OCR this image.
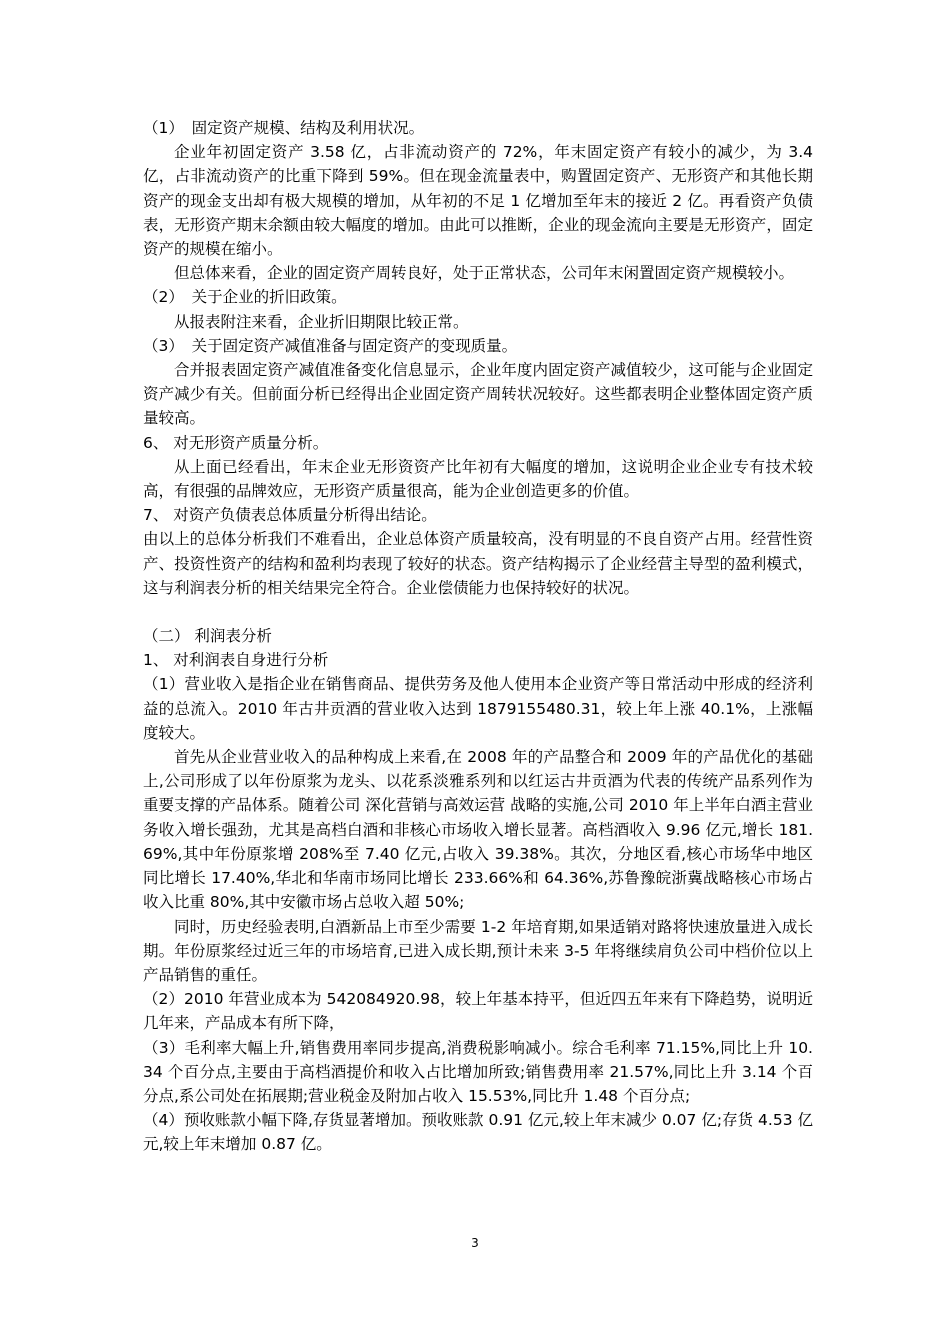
（1）　固定资产规模、结构及利用状况。

企业年初固定资产 3.58 亿，占非流动资产的 72%，年末固定资产有较小的减少，为 3.4 亿，占非流动资产的比重下降到 59%。但在现金流量表中，购置固定资产、无形资产和其他长期资产的现金支出却有极大规模的增加，从年初的不足 1 亿增加至年末的接近 2 亿。再看资产负债表，无形资产期末余额由较大幅度的增加。由此可以推断，企业的现金流向主要是无形资产，固定资产的规模在缩小。

但总体来看，企业的固定资产周转良好，处于正常状态，公司年末闲置固定资产规模较小。

（2）　关于企业的折旧政策。

从报表附注来看，企业折旧期限比较正常。

（3）　关于固定资产减值准备与固定资产的变现质量。

合并报表固定资产减值准备变化信息显示，企业年度内固定资产减值较少，这可能与企业固定资产减少有关。但前面分析已经得出企业固定资产周转状况较好。这些都表明企业整体固定资产质量较高。

6、 对无形资产质量分析。

从上面已经看出，年末企业无形资资产比年初有大幅度的增加，这说明企业企业专有技术较高，有很强的品牌效应，无形资产质量很高，能为企业创造更多的价值。

7、 对资产负债表总体质量分析得出结论。

由以上的总体分析我们不难看出，企业总体资产质量较高，没有明显的不良自资产占用。经营性资产、投资性资产的结构和盈利均表现了较好的状态。资产结构揭示了企业经营主导型的盈利模式，这与利润表分析的相关结果完全符合。企业偿债能力也保持较好的状况。

（二） 利润表分析

1、 对利润表自身进行分析

（1）营业收入是指企业在销售商品、提供劳务及他人使用本企业资产等日常活动中形成的经济利益的总流入。2010 年古井贡酒的营业收入达到 1879155480.31，较上年上涨 40.1%，上涨幅度较大。

首先从企业营业收入的品种构成上来看,在 2008 年的产品整合和 2009 年的产品优化的基础上,公司形成了以年份原浆为龙头、以花系淡雅系列和以红运古井贡酒为代表的传统产品系列作为重要支撑的产品体系。随着公司 深化营销与高效运营 战略的实施,公司 2010 年上半年白酒主营业务收入增长强劲，尤其是高档白酒和非核心市场收入增长显著。高档酒收入 9.96 亿元,增长 181.69%,其中年份原浆增 208%至 7.40 亿元,占收入 39.38%。其次，分地区看,核心市场华中地区同比增长 17.40%,华北和华南市场同比增长 233.66%和 64.36%,苏鲁豫皖浙冀战略核心市场占收入比重 80%,其中安徽市场占总收入超 50%;

同时，历史经验表明,白酒新品上市至少需要 1-2 年培育期,如果适销对路将快速放量进入成长期。年份原浆经过近三年的市场培育,已进入成长期,预计未来 3-5 年将继续肩负公司中档价位以上产品销售的重任。

（2）2010 年营业成本为 542084920.98，较上年基本持平，但近四五年来有下降趋势，说明近几年来，产品成本有所下降，

（3）毛利率大幅上升,销售费用率同步提高,消费税影响减小。综合毛利率 71.15%,同比上升 10.34 个百分点,主要由于高档酒提价和收入占比增加所致;销售费用率 21.57%,同比上升 3.14 个百分点,系公司处在拓展期;营业税金及附加占收入 15.53%,同比升 1.48 个百分点;

（4）预收账款小幅下降,存货显著增加。预收账款 0.91 亿元,较上年末减少 0.07 亿;存货 4.53 亿元,较上年末增加 0.87 亿。

3
